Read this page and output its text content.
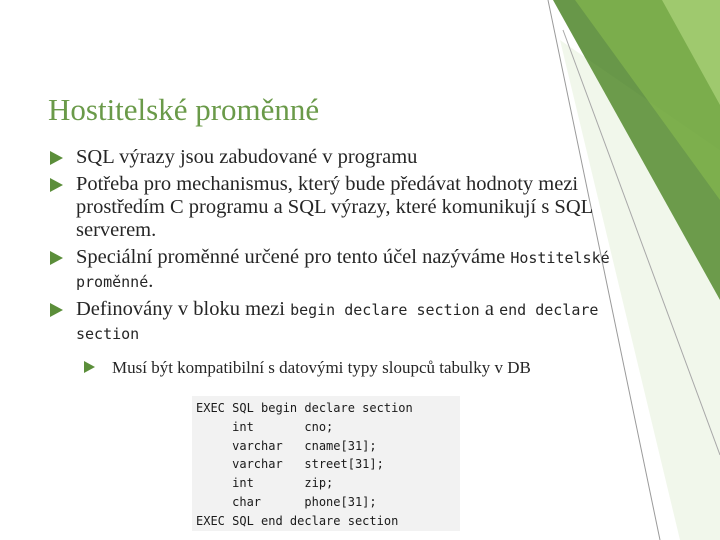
Hostitelské proměnné
SQL výrazy jsou zabudované v programu
Potřeba pro mechanismus, který bude předávat hodnoty mezi prostředím C programu a SQL výrazy, které komunikují s SQL serverem.
Speciální proměnné určené pro tento účel nazýváme Hostitelské proměnné.
Definovány v bloku mezi begin declare section a end declare section
Musí být kompatibilní s datovými typy sloupců tabulky v DB
EXEC SQL begin declare section
int       cno;
varchar   cname[31];
varchar   street[31];
int       zip;
char      phone[31];
EXEC SQL end declare section
